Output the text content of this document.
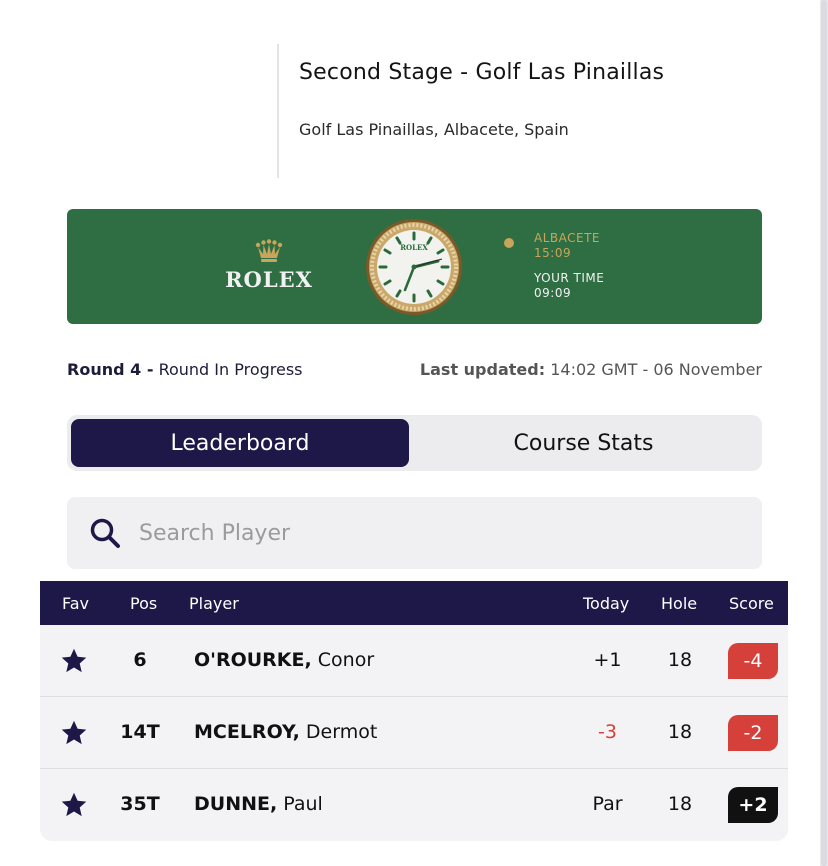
Second Stage - Golf Las Pinaillas
Golf Las Pinaillas, Albacete, Spain
ROLEX
ROLEX
ALBACETE
15:09
YOUR TIME
09:09
Round 4 - Round In Progress	Last updated: 14:02 GMT - 06 November
Leaderboard	Course Stats
Search Player
Fav	Pos Player	Today Hole Score
6	O'ROURKE, Conor	+1	18	-4
14T	MCELROY, Dermot	-3	18	-2
35T	DUNNE, Paul	Par	18	+2
